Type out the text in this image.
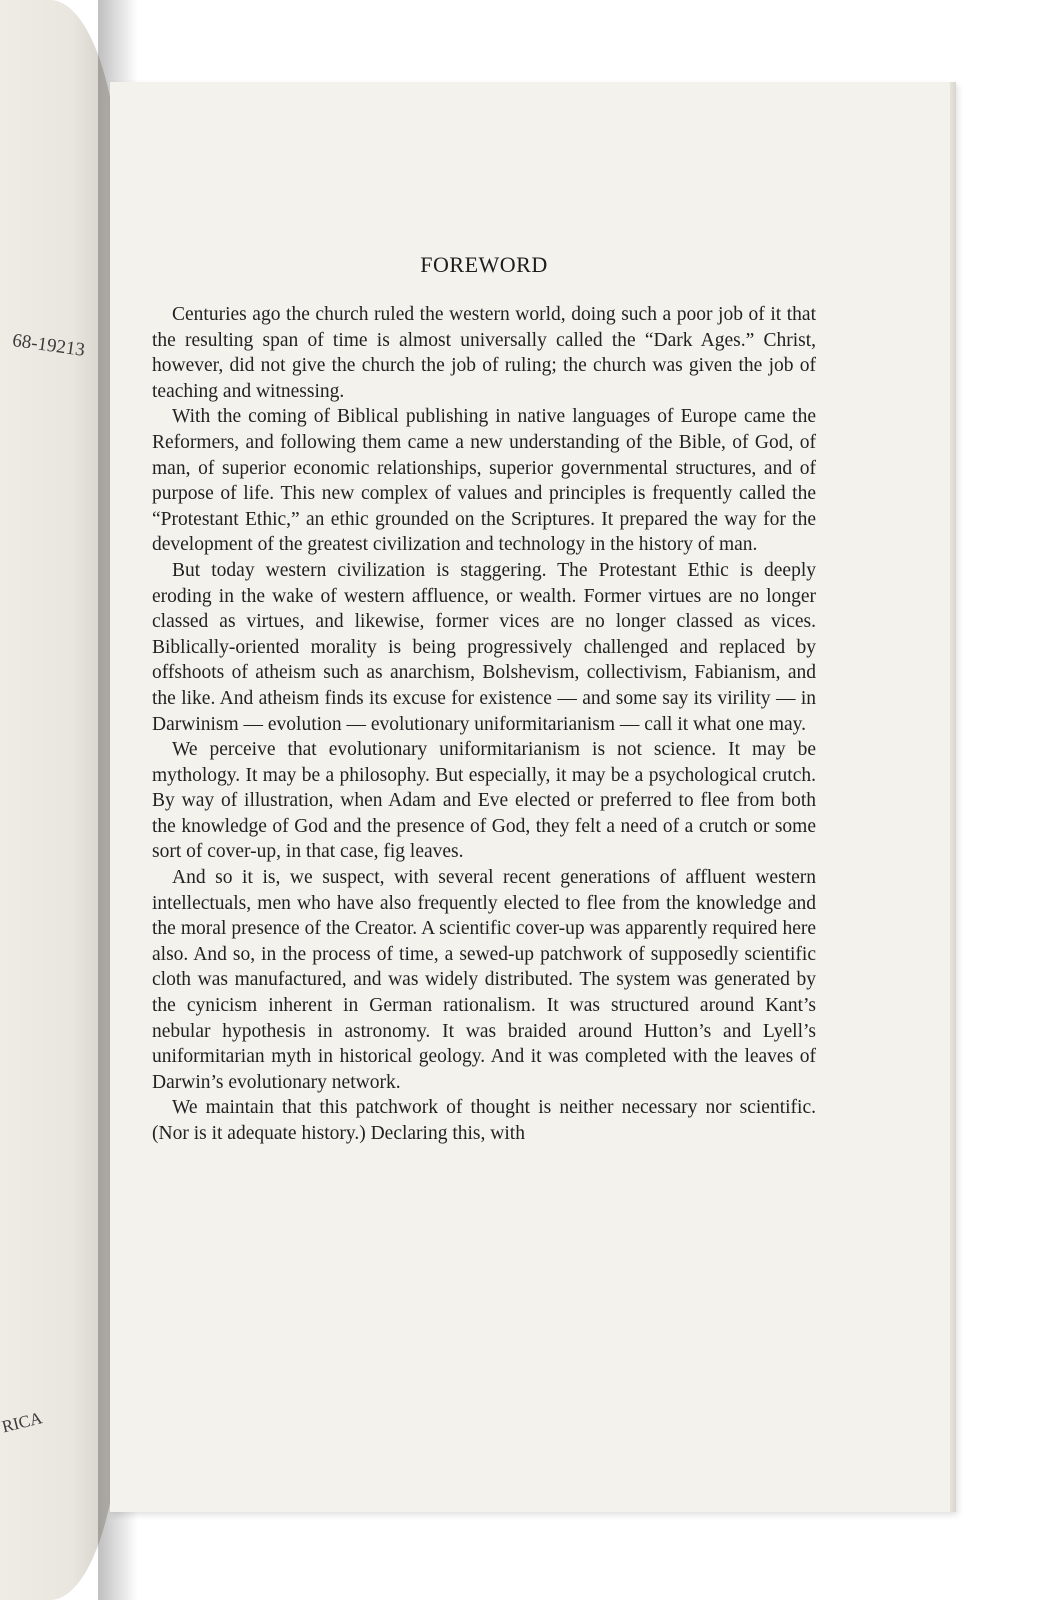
68-19213
RICA
FOREWORD

Centuries ago the church ruled the western world, doing such a poor job of it that the resulting span of time is almost universally called the “Dark Ages.” Christ, however, did not give the church the job of ruling; the church was given the job of teaching and witnessing.

With the coming of Biblical publishing in native languages of Europe came the Reformers, and following them came a new understanding of the Bible, of God, of man, of superior economic relationships, superior governmental structures, and of purpose of life. This new complex of values and principles is frequently called the “Protestant Ethic,” an ethic grounded on the Scriptures. It prepared the way for the development of the greatest civilization and technology in the history of man.

But today western civilization is staggering. The Protestant Ethic is deeply eroding in the wake of western affluence, or wealth. Former virtues are no longer classed as virtues, and likewise, former vices are no longer classed as vices. Biblically-oriented morality is being progressively challenged and replaced by offshoots of atheism such as anarchism, Bolshevism, collectivism, Fabianism, and the like. And atheism finds its excuse for existence — and some say its virility — in Darwinism — evolution — evolutionary uniformitarianism — call it what one may.

We perceive that evolutionary uniformitarianism is not science. It may be mythology. It may be a philosophy. But especially, it may be a psychological crutch. By way of illustration, when Adam and Eve elected or preferred to flee from both the knowledge of God and the presence of God, they felt a need of a crutch or some sort of cover-up, in that case, fig leaves.

And so it is, we suspect, with several recent generations of affluent western intellectuals, men who have also frequently elected to flee from the knowledge and the moral presence of the Creator. A scientific cover-up was apparently required here also. And so, in the process of time, a sewed-up patchwork of supposedly scientific cloth was manufactured, and was widely distributed. The system was generated by the cynicism inherent in German rationalism. It was structured around Kant’s nebular hypothesis in astronomy. It was braided around Hutton’s and Lyell’s uniformitarian myth in historical geology. And it was completed with the leaves of Darwin’s evolutionary network.

We maintain that this patchwork of thought is neither necessary nor scientific. (Nor is it adequate history.) Declaring this, with
